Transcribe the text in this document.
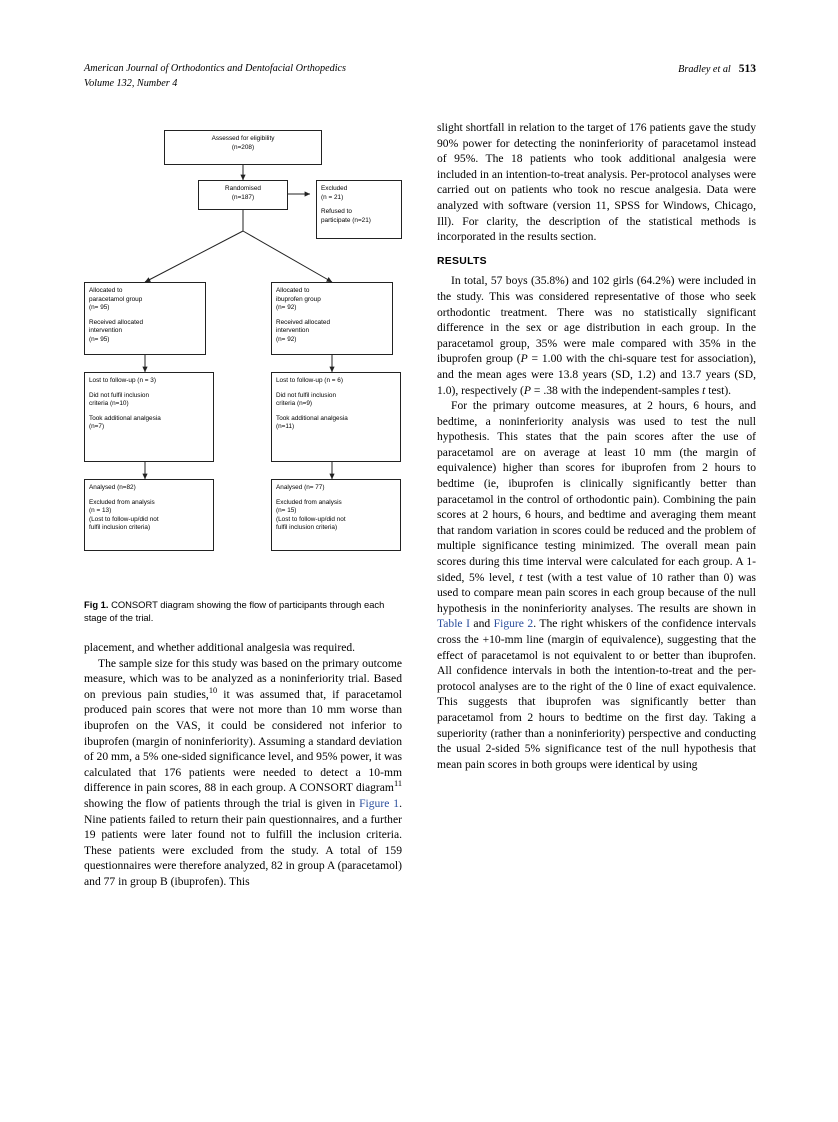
American Journal of Orthodontics and Dentofacial Orthopedics
Volume 132, Number 4
Bradley et al 513
Assessed for eligibility
(n=208)
Randomised
(n=187)
Excluded
(n = 21)
Refused to
participate (n=21)
Allocated to
paracetamol group
(n= 95)
Received allocated
intervention
(n= 95)
Allocated to
ibuprofen group
(n= 92)
Received allocated
intervention
(n= 92)
Lost to follow-up (n = 3)
Did not fulfil inclusion
criteria (n=10)
Took additional analgesia
(n=7)
Lost to follow-up (n = 6)
Did not fulfil inclusion
criteria (n=9)
Took additional analgesia
(n=11)
Analysed (n=82)
Excluded from analysis
(n = 13)
(Lost to follow-up/did not
fulfil inclusion criteria)
Analysed (n= 77)
Excluded from analysis
(n= 15)
(Lost to follow-up/did not
fulfil inclusion criteria)
Fig 1. CONSORT diagram showing the flow of participants through each stage of the trial.

placement, and whether additional analgesia was required.

The sample size for this study was based on the primary outcome measure, which was to be analyzed as a noninferiority trial. Based on previous pain studies,$^{10}$ it was assumed that, if paracetamol produced pain scores that were not more than 10 mm worse than ibuprofen on the VAS, it could be considered not inferior to ibuprofen (margin of noninferiority). Assuming a standard deviation of 20 mm, a 5% one-sided significance level, and 95% power, it was calculated that 176 patients were needed to detect a 10-mm difference in pain scores, 88 in each group. A CONSORT diagram$^{11}$ showing the flow of patients through the trial is given in Figure 1. Nine patients failed to return their pain questionnaires, and a further 19 patients were later found not to fulfill the inclusion criteria. These patients were excluded from the study. A total of 159 questionnaires were therefore analyzed, 82 in group A (paracetamol) and 77 in group B (ibuprofen). This

slight shortfall in relation to the target of 176 patients gave the study 90% power for detecting the noninferiority of paracetamol instead of 95%. The 18 patients who took additional analgesia were included in an intention-to-treat analysis. Per-protocol analyses were carried out on patients who took no rescue analgesia. Data were analyzed with software (version 11, SPSS for Windows, Chicago, Ill). For clarity, the description of the statistical methods is incorporated in the results section.

RESULTS

In total, 57 boys (35.8%) and 102 girls (64.2%) were included in the study. This was considered representative of those who seek orthodontic treatment. There was no statistically significant difference in the sex or age distribution in each group. In the paracetamol group, 35% were male compared with 35% in the ibuprofen group (P = 1.00 with the chi-square test for association), and the mean ages were 13.8 years (SD, 1.2) and 13.7 years (SD, 1.0), respectively (P = .38 with the independent-samples t test).

For the primary outcome measures, at 2 hours, 6 hours, and bedtime, a noninferiority analysis was used to test the null hypothesis. This states that the pain scores after the use of paracetamol are on average at least 10 mm (the margin of equivalence) higher than scores for ibuprofen from 2 hours to bedtime (ie, ibuprofen is clinically significantly better than paracetamol in the control of orthodontic pain). Combining the pain scores at 2 hours, 6 hours, and bedtime and averaging them meant that random variation in scores could be reduced and the problem of multiple significance testing minimized. The overall mean pain scores during this time interval were calculated for each group. A 1-sided, 5% level, t test (with a test value of 10 rather than 0) was used to compare mean pain scores in each group because of the null hypothesis in the noninferiority analyses. The results are shown in Table I and Figure 2. The right whiskers of the confidence intervals cross the +10-mm line (margin of equivalence), suggesting that the effect of paracetamol is not equivalent to or better than ibuprofen. All confidence intervals in both the intention-to-treat and the per-protocol analyses are to the right of the 0 line of exact equivalence. This suggests that ibuprofen was significantly better than paracetamol from 2 hours to bedtime on the first day. Taking a superiority (rather than a noninferiority) perspective and conducting the usual 2-sided 5% significance test of the null hypothesis that mean pain scores in both groups were identical by using
